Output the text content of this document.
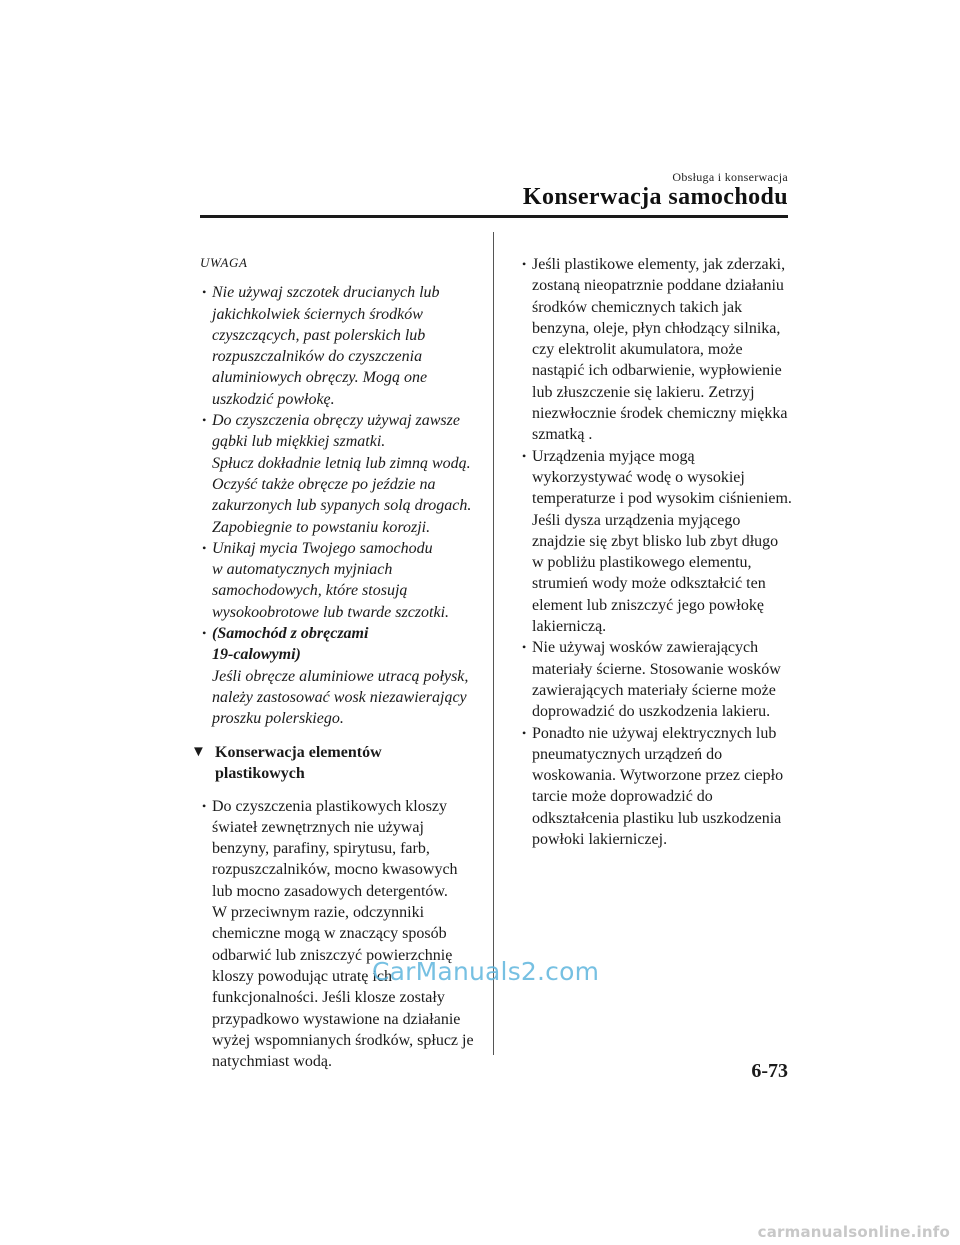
Obsługa i konserwacja
Konserwacja samochodu
UWAGA
• Nie używaj szczotek drucianych lub
jakichkolwiek ściernych środków
czyszczących, past polerskich lub
rozpuszczalników do czyszczenia
aluminiowych obręczy. Mogą one
uszkodzić powłokę.
• Do czyszczenia obręczy używaj zawsze
gąbki lub miękkiej szmatki.
Spłucz dokładnie letnią lub zimną wodą.
Oczyść także obręcze po jeździe na
zakurzonych lub sypanych solą drogach.
Zapobiegnie to powstaniu korozji.
• Unikaj mycia Twojego samochodu
w automatycznych myjniach
samochodowych, które stosują
wysokoobrotowe lub twarde szczotki.
• (Samochód z obręczami
19-calowymi)
Jeśli obręcze aluminiowe utracą połysk,
należy zastosować wosk niezawierający
proszku polerskiego.
▼ Konserwacja elementów
plastikowych
• Do czyszczenia plastikowych kloszy
świateł zewnętrznych nie używaj
benzyny, parafiny, spirytusu, farb,
rozpuszczalników, mocno kwasowych
lub mocno zasadowych detergentów.
W przeciwnym razie, odczynniki
chemiczne mogą w znaczący sposób
odbarwić lub zniszczyć powierzchnię
kloszy powodując utratę ich
funkcjonalności. Jeśli klosze zostały
przypadkowo wystawione na działanie
wyżej wspomnianych środków, spłucz je
natychmiast wodą.
• Jeśli plastikowe elementy, jak zderzaki,
zostaną nieopatrznie poddane działaniu
środków chemicznych takich jak
benzyna, oleje, płyn chłodzący silnika,
czy elektrolit akumulatora, może
nastąpić ich odbarwienie, wypłowienie
lub złuszczenie się lakieru. Zetrzyj
niezwłocznie środek chemiczny miękka
szmatką .
• Urządzenia myjące mogą
wykorzystywać wodę o wysokiej
temperaturze i pod wysokim ciśnieniem.
Jeśli dysza urządzenia myjącego
znajdzie się zbyt blisko lub zbyt długo
w pobliżu plastikowego elementu,
strumień wody może odkształcić ten
element lub zniszczyć jego powłokę
lakierniczą.
• Nie używaj wosków zawierających
materiały ścierne. Stosowanie wosków
zawierających materiały ścierne może
doprowadzić do uszkodzenia lakieru.
• Ponadto nie używaj elektrycznych lub
pneumatycznych urządzeń do
woskowania. Wytworzone przez ciepło
tarcie może doprowadzić do
odkształcenia plastiku lub uszkodzenia
powłoki lakierniczej.
6-73
CarManuals2.com
carmanualsonline.info
